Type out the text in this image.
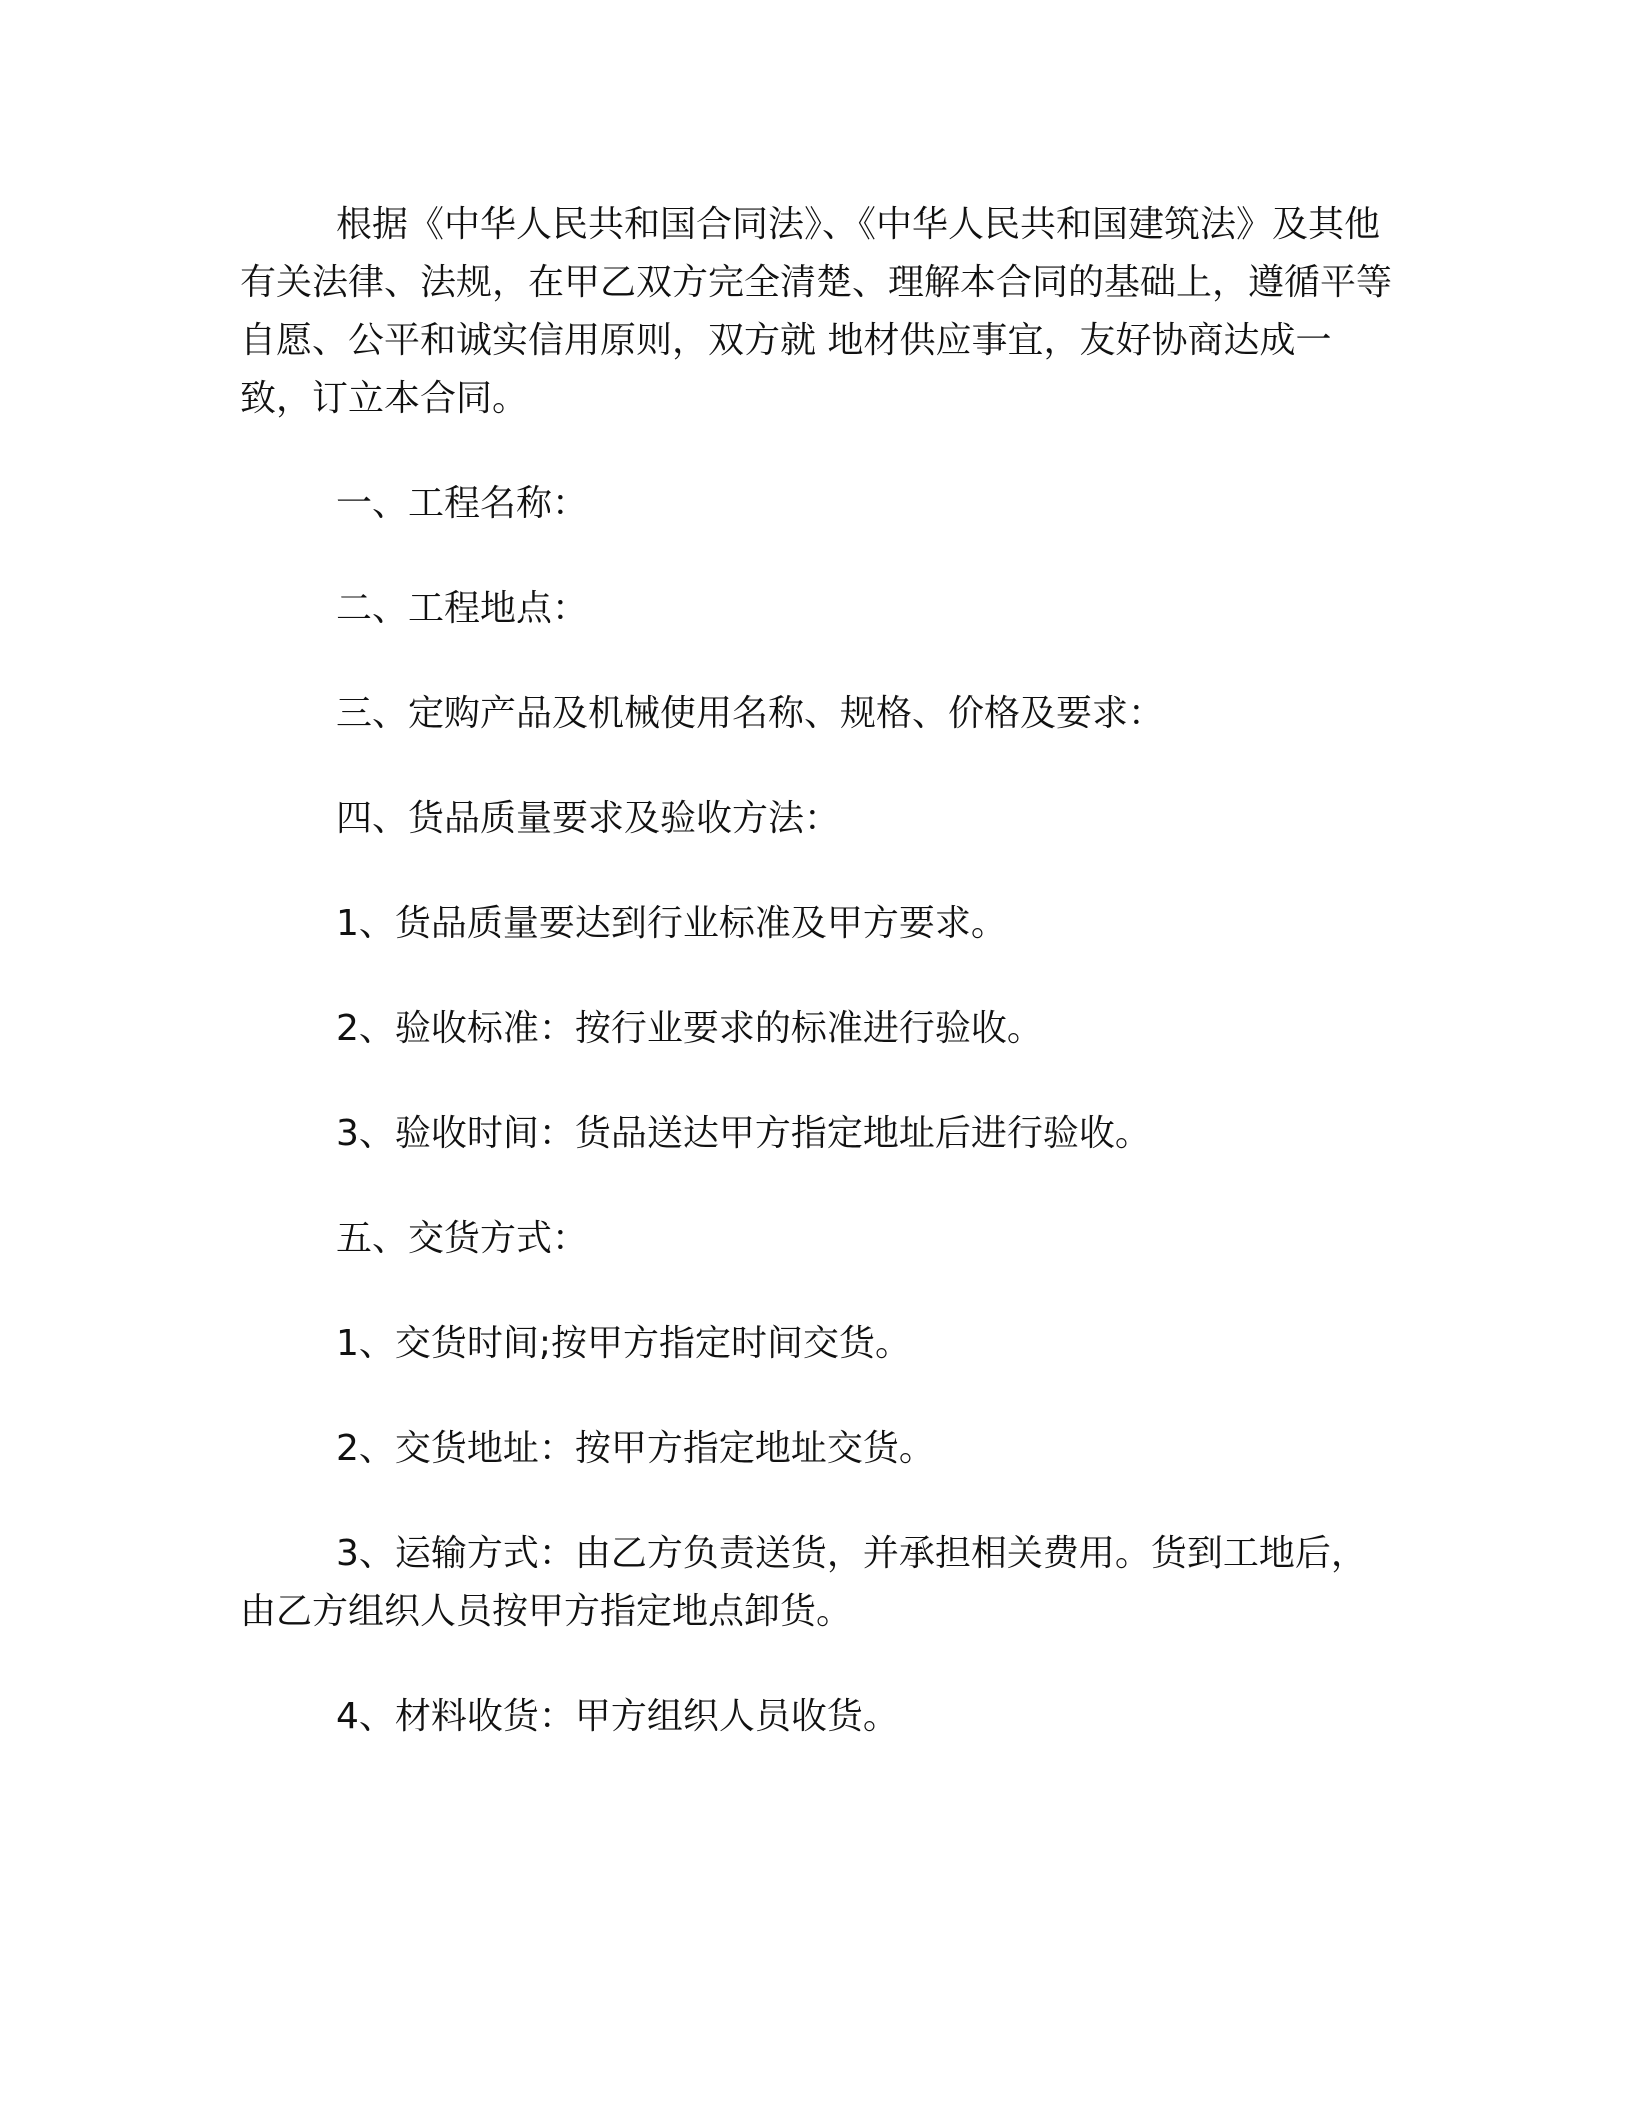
根据《中华人民共和国合同法》、《中华人民共和国建筑法》及其他有关法律、法规，在甲乙双方完全清楚、理解本合同的基础上，遵循平等自愿、公平和诚实信用原则，双方就 地材供应事宜，友好协商达成一致，订立本合同。

一、工程名称：

二、工程地点：

三、定购产品及机械使用名称、规格、价格及要求：

四、货品质量要求及验收方法：

1、货品质量要达到行业标准及甲方要求。

2、验收标准：按行业要求的标准进行验收。

3、验收时间：货品送达甲方指定地址后进行验收。

五、交货方式：

1、交货时间;按甲方指定时间交货。

2、交货地址：按甲方指定地址交货。

3、运输方式：由乙方负责送货，并承担相关费用。货到工地后，由乙方组织人员按甲方指定地点卸货。

4、材料收货：甲方组织人员收货。
